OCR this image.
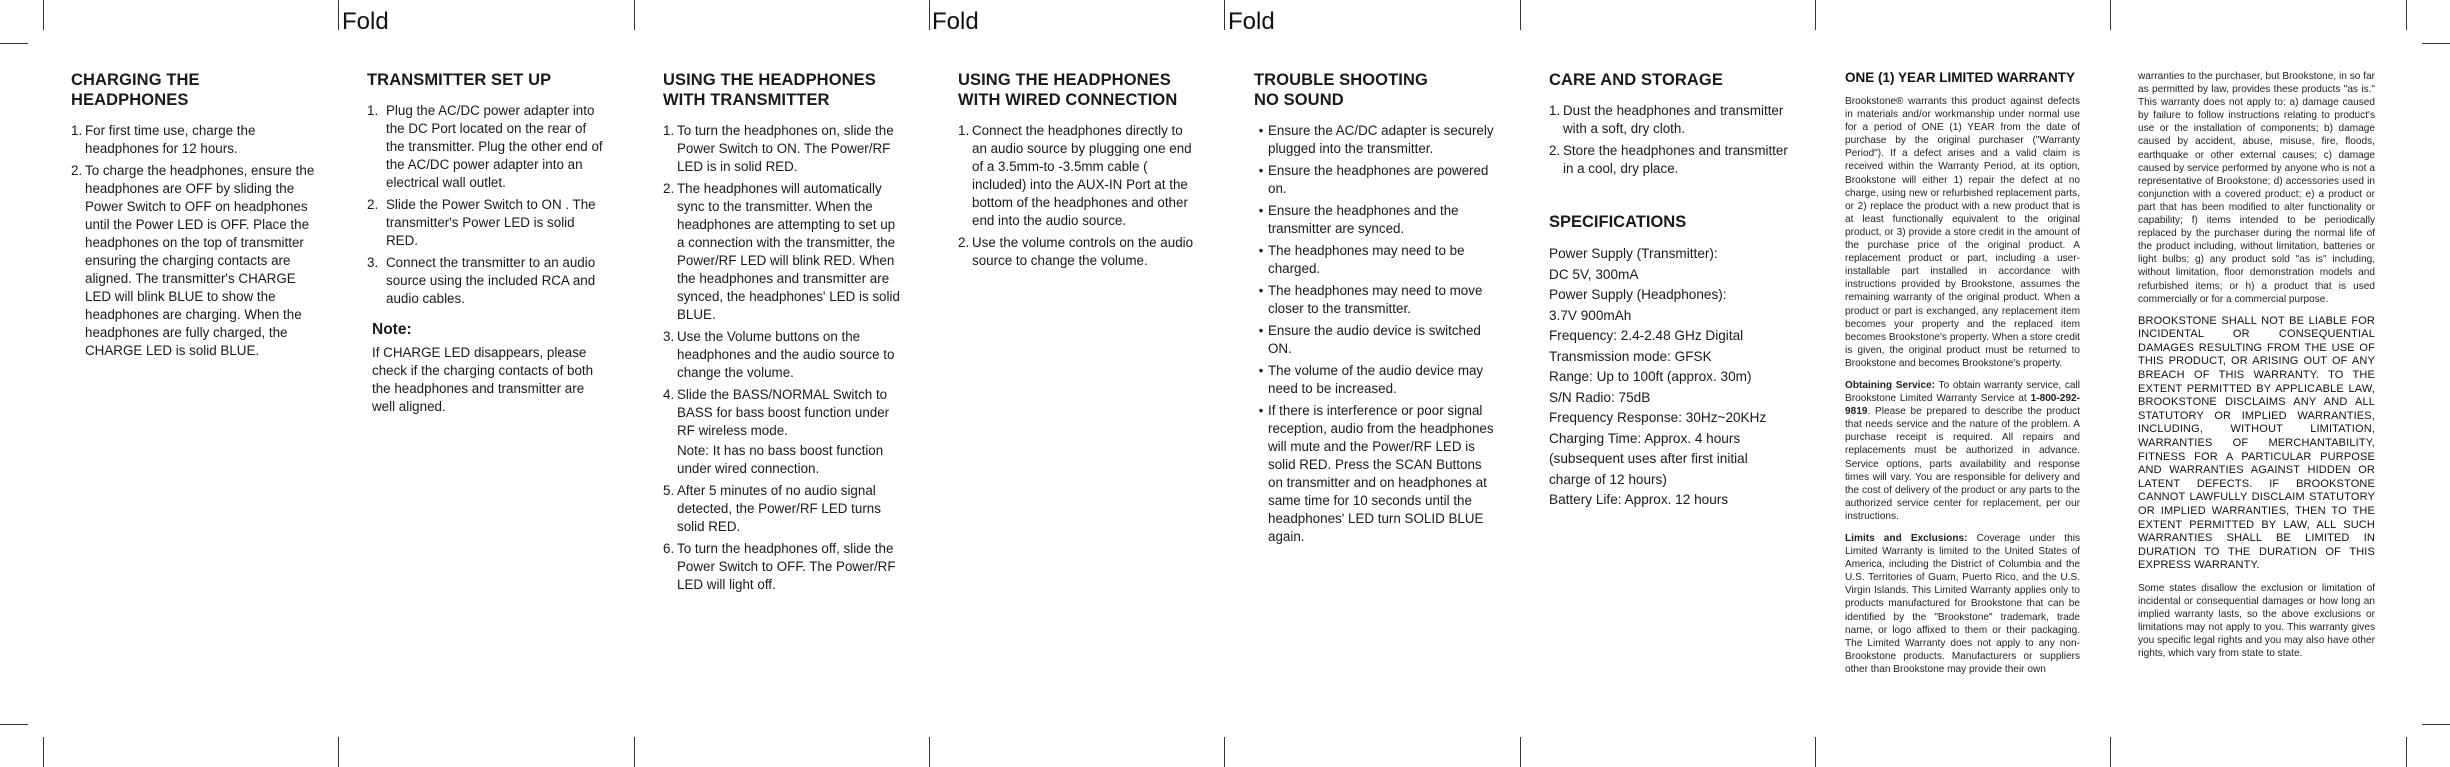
Fold	Fold	Fold
CHARGING THE HEADPHONES
1. For first time use, charge the headphones for 12 hours.
2. To charge the headphones, ensure the headphones are OFF by sliding the Power Switch to OFF on headphones until the Power LED is OFF. Place the headphones on the top of transmitter ensuring the charging contacts are aligned. The transmitter's CHARGE LED will blink BLUE to show the headphones are charging. When the headphones are fully charged, the CHARGE LED is solid BLUE.
TRANSMITTER SET UP
1. Plug the AC/DC power adapter into the DC Port located on the rear of the transmitter. Plug the other end of the AC/DC power adapter into an electrical wall outlet.
2. Slide the Power Switch to ON . The transmitter's Power LED is solid RED.
3. Connect the transmitter to an audio source using the included RCA and audio cables.

Note:

If CHARGE LED disappears, please check if the charging contacts of both the headphones and transmitter are well aligned.

USING THE HEADPHONES
WITH TRANSMITTER
1. To turn the headphones on, slide the Power Switch to ON. The Power/RF LED is in solid RED.
2. The headphones will automatically sync to the transmitter. When the headphones are attempting to set up a connection with the transmitter, the Power/RF LED will blink RED. When the headphones and transmitter are synced, the headphones' LED is solid BLUE.
3. Use the Volume buttons on the headphones and the audio source to change the volume.
4. Slide the BASS/NORMAL Switch to BASS for bass boost function under RF wireless mode.
Note: It has no bass boost function under wired connection.
5. After 5 minutes of no audio signal detected, the Power/RF LED turns solid RED.
6. To turn the headphones off, slide the Power Switch to OFF. The Power/RF LED will light off.
USING THE HEADPHONES
WITH WIRED CONNECTION
1. Connect the headphones directly to an audio source by plugging one end of a 3.5mm-to -3.5mm cable ( included) into the AUX-IN Port at the bottom of the headphones and other end into the audio source.
2. Use the volume controls on the audio source to change the volume.
TROUBLE SHOOTING
NO SOUND
• Ensure the AC/DC adapter is securely plugged into the transmitter.
• Ensure the headphones are powered on.
• Ensure the headphones and the transmitter are synced.
• The headphones may need to be charged.
• The headphones may need to move closer to the transmitter.
• Ensure the audio device is switched ON.
• The volume of the audio device may need to be increased.
• If there is interference or poor signal reception, audio from the headphones will mute and the Power/RF LED is solid RED. Press the SCAN Buttons on transmitter and on headphones at same time for 10 seconds until the headphones' LED turn SOLID BLUE again.
CARE AND STORAGE
1. Dust the headphones and transmitter with a soft, dry cloth.
2. Store the headphones and transmitter in a cool, dry place.
SPECIFICATIONS
Power Supply (Transmitter):
DC 5V, 300mA
Power Supply (Headphones):
3.7V 900mAh
Frequency: 2.4-2.48 GHz Digital
Transmission mode: GFSK
Range: Up to 100ft (approx. 30m)
S/N Radio: 75dB
Frequency Response: 30Hz~20KHz
Charging Time: Approx. 4 hours
(subsequent uses after first initial
charge of 12 hours)
Battery Life: Approx. 12 hours
ONE (1) YEAR LIMITED WARRANTY

Brookstone® warrants this product against defects in materials and/or workmanship under normal use for a period of ONE (1) YEAR from the date of purchase by the original purchaser ("Warranty Period"). If a defect arises and a valid claim is received within the Warranty Period, at its option, Brookstone will either 1) repair the defect at no charge, using new or refurbished replacement parts, or 2) replace the product with a new product that is at least functionally equivalent to the original product, or 3) provide a store credit in the amount of the purchase price of the original product. A replacement product or part, including a user-installable part installed in accordance with instructions provided by Brookstone, assumes the remaining warranty of the original product. When a product or part is exchanged, any replacement item becomes your property and the replaced item becomes Brookstone's property. When a store credit is given, the original product must be returned to Brookstone and becomes Brookstone's property.

Obtaining Service: To obtain warranty service, call Brookstone Limited Warranty Service at 1-800-292-9819. Please be prepared to describe the product that needs service and the nature of the problem. A purchase receipt is required. All repairs and replacements must be authorized in advance. Service options, parts availability and response times will vary. You are responsible for delivery and the cost of delivery of the product or any parts to the authorized service center for replacement, per our instructions.

Limits and Exclusions: Coverage under this Limited Warranty is limited to the United States of America, including the District of Columbia and the U.S. Territories of Guam, Puerto Rico, and the U.S. Virgin Islands. This Limited Warranty applies only to products manufactured for Brookstone that can be identified by the "Brookstone" trademark, trade name, or logo affixed to them or their packaging. The Limited Warranty does not apply to any non-Brookstone products. Manufacturers or suppliers other than Brookstone may provide their own

warranties to the purchaser, but Brookstone, in so far as permitted by law, provides these products "as is." This warranty does not apply to: a) damage caused by failure to follow instructions relating to product's use or the installation of components; b) damage caused by accident, abuse, misuse, fire, floods, earthquake or other external causes; c) damage caused by service performed by anyone who is not a representative of Brookstone; d) accessories used in conjunction with a covered product; e) a product or part that has been modified to alter functionality or capability; f) items intended to be periodically replaced by the purchaser during the normal life of the product including, without limitation, batteries or light bulbs; g) any product sold "as is" including, without limitation, floor demonstration models and refurbished items; or h) a product that is used commercially or for a commercial purpose.

BROOKSTONE SHALL NOT BE LIABLE FOR INCIDENTAL OR CONSEQUENTIAL DAMAGES RESULTING FROM THE USE OF THIS PRODUCT, OR ARISING OUT OF ANY BREACH OF THIS WARRANTY. TO THE EXTENT PERMITTED BY APPLICABLE LAW, BROOKSTONE DISCLAIMS ANY AND ALL STATUTORY OR IMPLIED WARRANTIES, INCLUDING, WITHOUT LIMITATION, WARRANTIES OF MERCHANTABILITY, FITNESS FOR A PARTICULAR PURPOSE AND WARRANTIES AGAINST HIDDEN OR LATENT DEFECTS. IF BROOKSTONE CANNOT LAWFULLY DISCLAIM STATUTORY OR IMPLIED WARRANTIES, THEN TO THE EXTENT PERMITTED BY LAW, ALL SUCH WARRANTIES SHALL BE LIMITED IN DURATION TO THE DURATION OF THIS EXPRESS WARRANTY.

Some states disallow the exclusion or limitation of incidental or consequential damages or how long an implied warranty lasts, so the above exclusions or limitations may not apply to you. This warranty gives you specific legal rights and you may also have other rights, which vary from state to state.
